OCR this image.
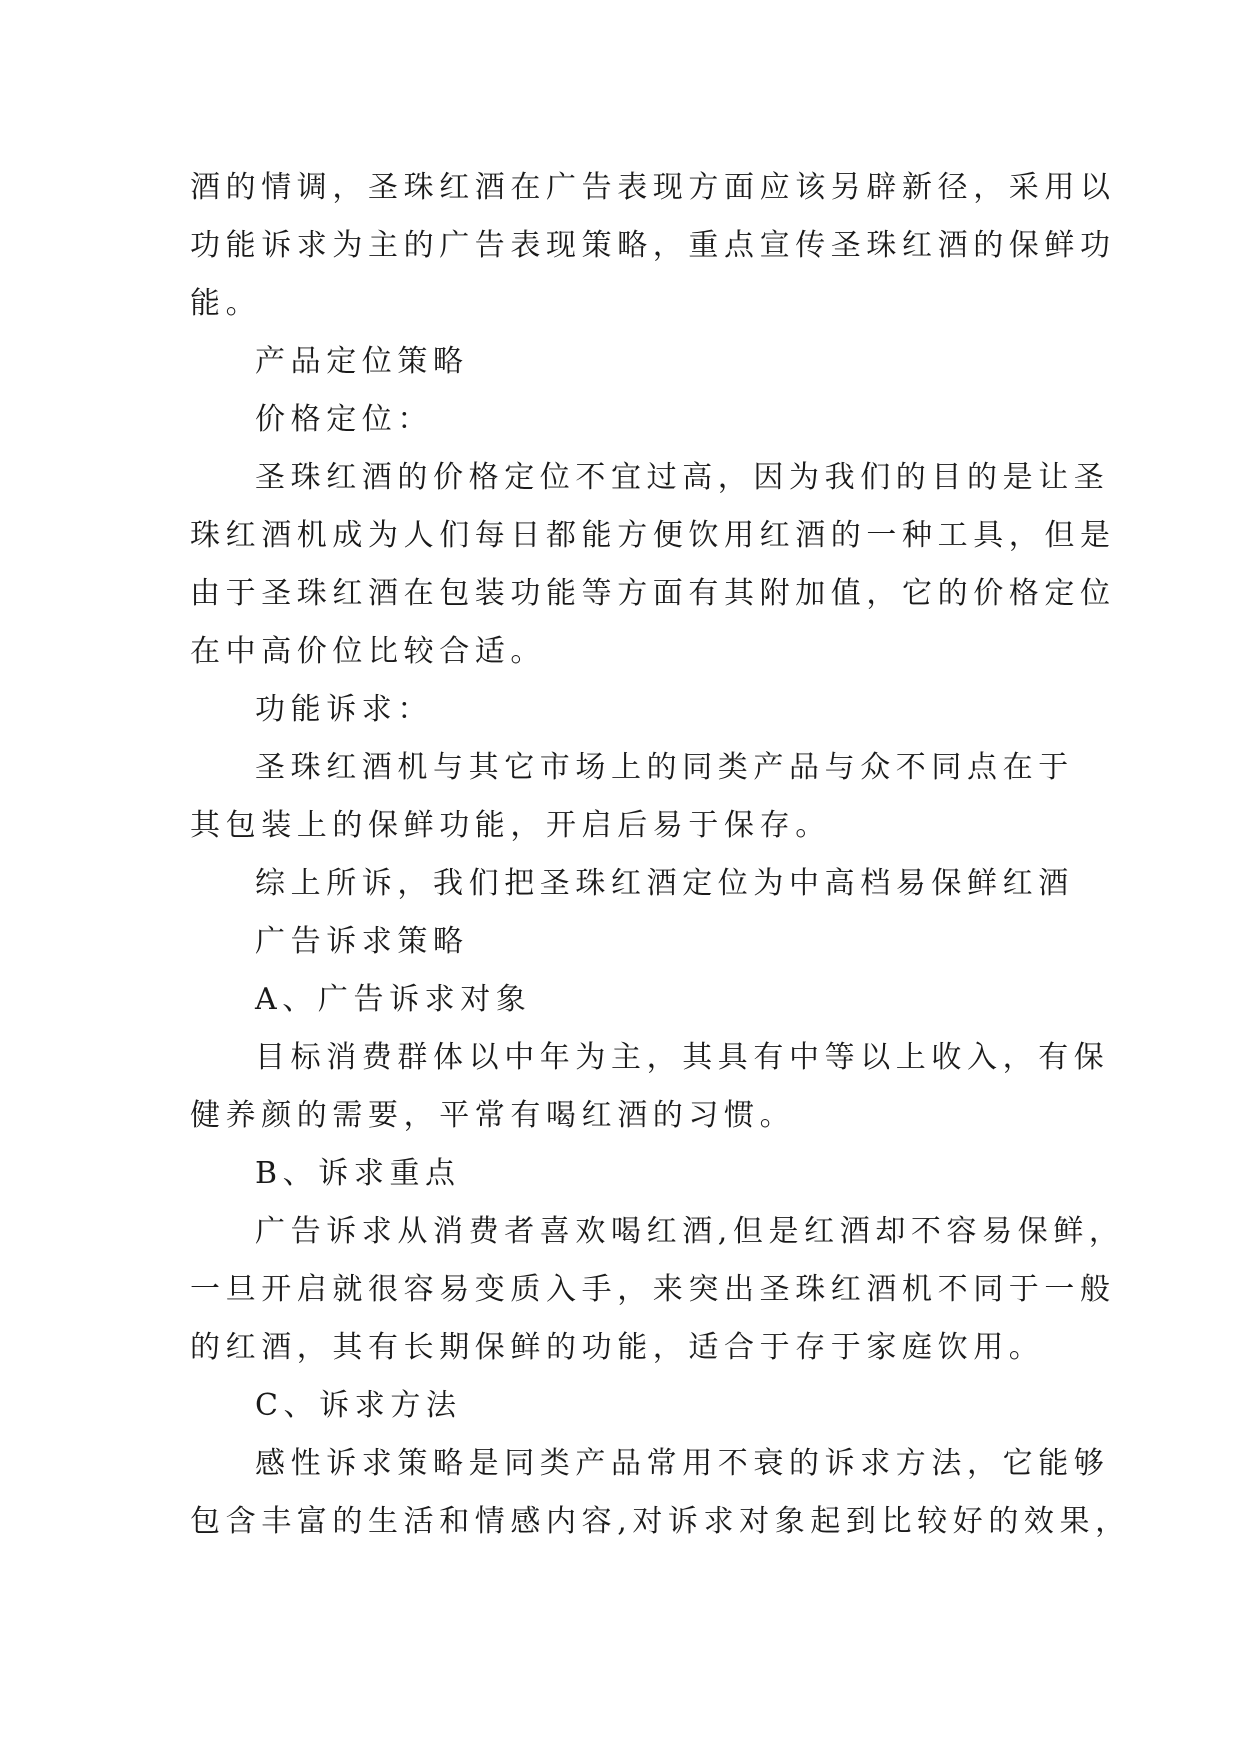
酒的情调，圣珠红酒在广告表现方面应该另辟新径，采用以
功能诉求为主的广告表现策略，重点宣传圣珠红酒的保鲜功
能。
产品定位策略
价格定位：
圣珠红酒的价格定位不宜过高，因为我们的目的是让圣
珠红酒机成为人们每日都能方便饮用红酒的一种工具，但是
由于圣珠红酒在包装功能等方面有其附加值，它的价格定位
在中高价位比较合适。
功能诉求：
圣珠红酒机与其它市场上的同类产品与众不同点在于
其包装上的保鲜功能，开启后易于保存。
综上所诉，我们把圣珠红酒定位为中高档易保鲜红酒
广告诉求策略
A、广告诉求对象
目标消费群体以中年为主，其具有中等以上收入，有保
健养颜的需要，平常有喝红酒的习惯。
B、诉求重点
广告诉求从消费者喜欢喝红酒,但是红酒却不容易保鲜，
一旦开启就很容易变质入手，来突出圣珠红酒机不同于一般
的红酒，其有长期保鲜的功能，适合于存于家庭饮用。
C、诉求方法
感性诉求策略是同类产品常用不衰的诉求方法，它能够
包含丰富的生活和情感内容,对诉求对象起到比较好的效果，
